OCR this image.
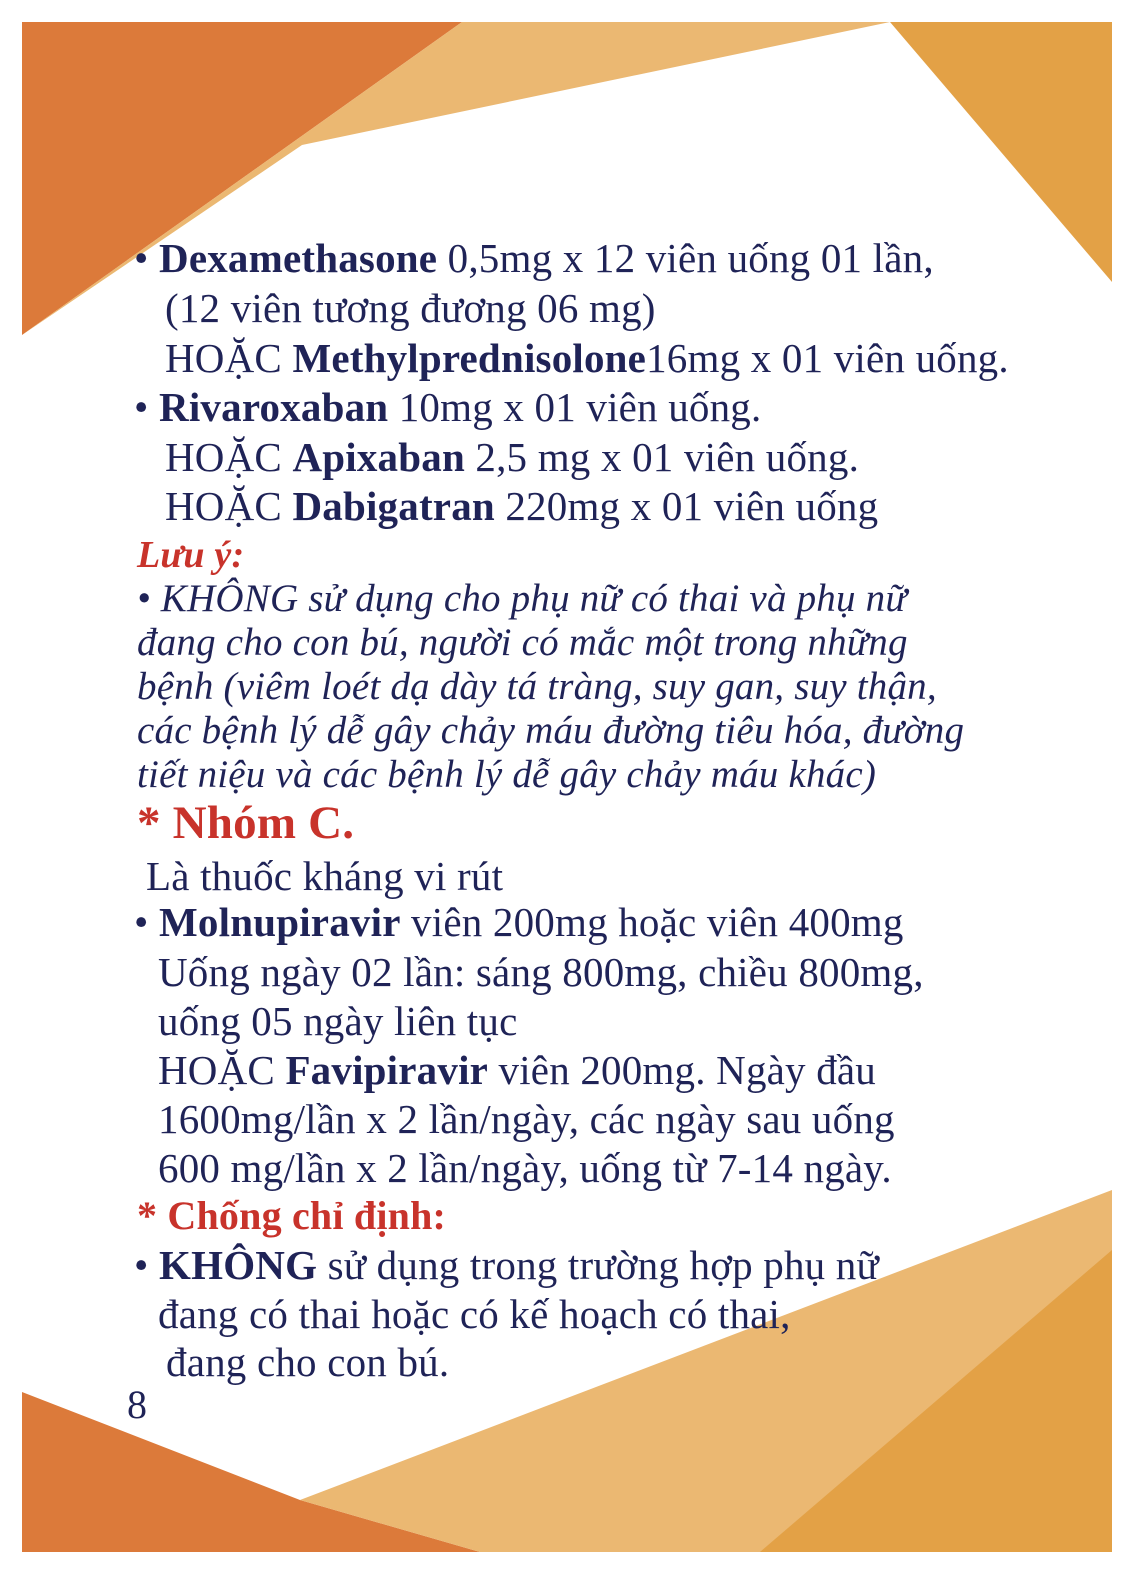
• Dexamethasone 0,5mg x 12 viên uống 01 lần,

(12 viên tương đương 06 mg)

HOẶC Methylprednisolone16mg x 01 viên uống.

• Rivaroxaban 10mg x 01 viên uống.

HOẶC Apixaban 2,5 mg x 01 viên uống.

HOẶC Dabigatran 220mg x 01 viên uống

Lưu ý:

• KHÔNG sử dụng cho phụ nữ có thai và phụ nữ

đang cho con bú, người có mắc một trong những

bệnh (viêm loét dạ dày tá tràng, suy gan, suy thận,

các bệnh lý dễ gây chảy máu đường tiêu hóa, đường

tiết niệu và các bệnh lý dễ gây chảy máu khác)

* Nhóm C.

Là thuốc kháng vi rút

• Molnupiravir viên 200mg hoặc viên 400mg

Uống ngày 02 lần: sáng 800mg, chiều 800mg,

uống 05 ngày liên tục

HOẶC Favipiravir viên 200mg. Ngày đầu

1600mg/lần x 2 lần/ngày, các ngày sau uống

600 mg/lần x 2 lần/ngày, uống từ 7-14 ngày.

* Chống chỉ định:

• KHÔNG sử dụng trong trường hợp phụ nữ

đang có thai hoặc có kế hoạch có thai,

đang cho con bú.

8
